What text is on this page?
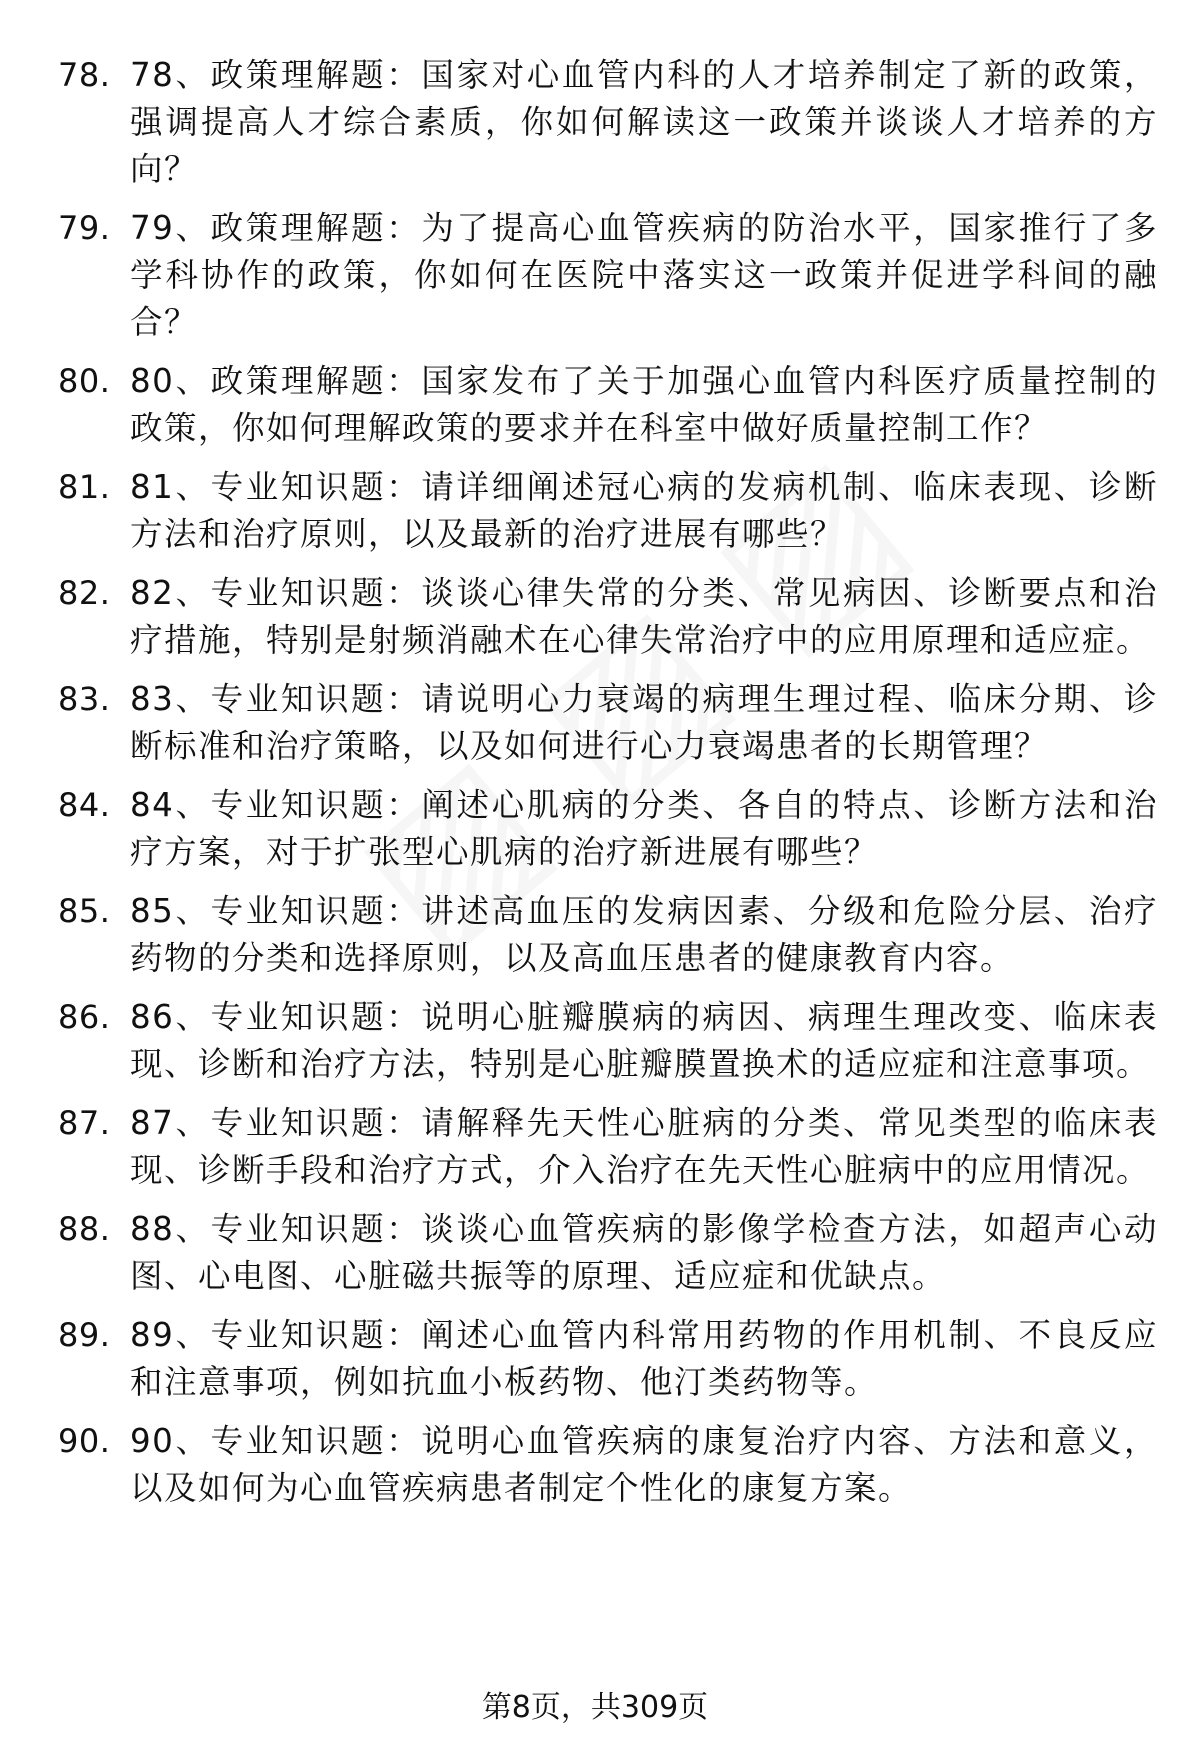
78. 78、政策理解题：国家对心血管内科的人才培养制定了新的政策，强调提高人才综合素质，你如何解读这一政策并谈谈人才培养的方向？
79. 79、政策理解题：为了提高心血管疾病的防治水平，国家推行了多学科协作的政策，你如何在医院中落实这一政策并促进学科间的融合？
80. 80、政策理解题：国家发布了关于加强心血管内科医疗质量控制的政策，你如何理解政策的要求并在科室中做好质量控制工作？
81. 81、专业知识题：请详细阐述冠心病的发病机制、临床表现、诊断方法和治疗原则，以及最新的治疗进展有哪些？
82. 82、专业知识题：谈谈心律失常的分类、常见病因、诊断要点和治疗措施，特别是射频消融术在心律失常治疗中的应用原理和适应症。
83. 83、专业知识题：请说明心力衰竭的病理生理过程、临床分期、诊断标准和治疗策略，以及如何进行心力衰竭患者的长期管理？
84. 84、专业知识题：阐述心肌病的分类、各自的特点、诊断方法和治疗方案，对于扩张型心肌病的治疗新进展有哪些？
85. 85、专业知识题：讲述高血压的发病因素、分级和危险分层、治疗药物的分类和选择原则，以及高血压患者的健康教育内容。
86. 86、专业知识题：说明心脏瓣膜病的病因、病理生理改变、临床表现、诊断和治疗方法，特别是心脏瓣膜置换术的适应症和注意事项。
87. 87、专业知识题：请解释先天性心脏病的分类、常见类型的临床表现、诊断手段和治疗方式，介入治疗在先天性心脏病中的应用情况。
88. 88、专业知识题：谈谈心血管疾病的影像学检查方法，如超声心动图、心电图、心脏磁共振等的原理、适应症和优缺点。
89. 89、专业知识题：阐述心血管内科常用药物的作用机制、不良反应和注意事项，例如抗血小板药物、他汀类药物等。
90. 90、专业知识题：说明心血管疾病的康复治疗内容、方法和意义，以及如何为心血管疾病患者制定个性化的康复方案。
第8页，共309页
